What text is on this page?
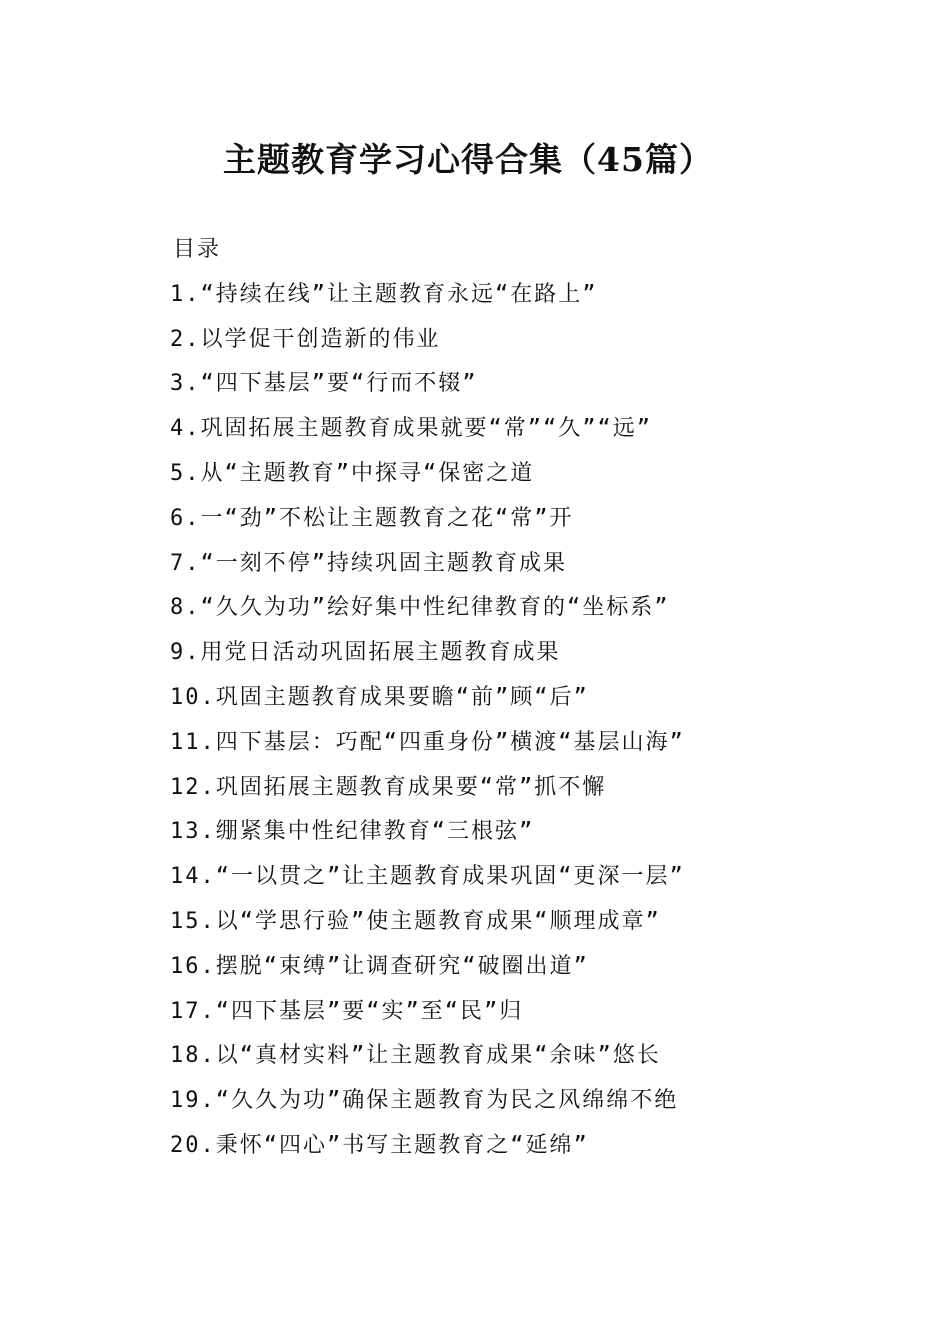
主题教育学习心得合集（45篇）
目录
1.“持续在线”让主题教育永远“在路上”
2.以学促干创造新的伟业
3.“四下基层”要“行而不辍”
4.巩固拓展主题教育成果就要“常”“久”“远”
5.从“主题教育”中探寻“保密之道
6.一“劲”不松让主题教育之花“常”开
7.“一刻不停”持续巩固主题教育成果
8.“久久为功”绘好集中性纪律教育的“坐标系”
9.用党日活动巩固拓展主题教育成果
10.巩固主题教育成果要瞻“前”顾“后”
11.四下基层：巧配“四重身份”横渡“基层山海”
12.巩固拓展主题教育成果要“常”抓不懈
13.绷紧集中性纪律教育“三根弦”
14.“一以贯之”让主题教育成果巩固“更深一层”
15.以“学思行验”使主题教育成果“顺理成章”
16.摆脱“束缚”让调查研究“破圈出道”
17.“四下基层”要“实”至“民”归
18.以“真材实料”让主题教育成果“余味”悠长
19.“久久为功”确保主题教育为民之风绵绵不绝
20.秉怀“四心”书写主题教育之“延绵”
